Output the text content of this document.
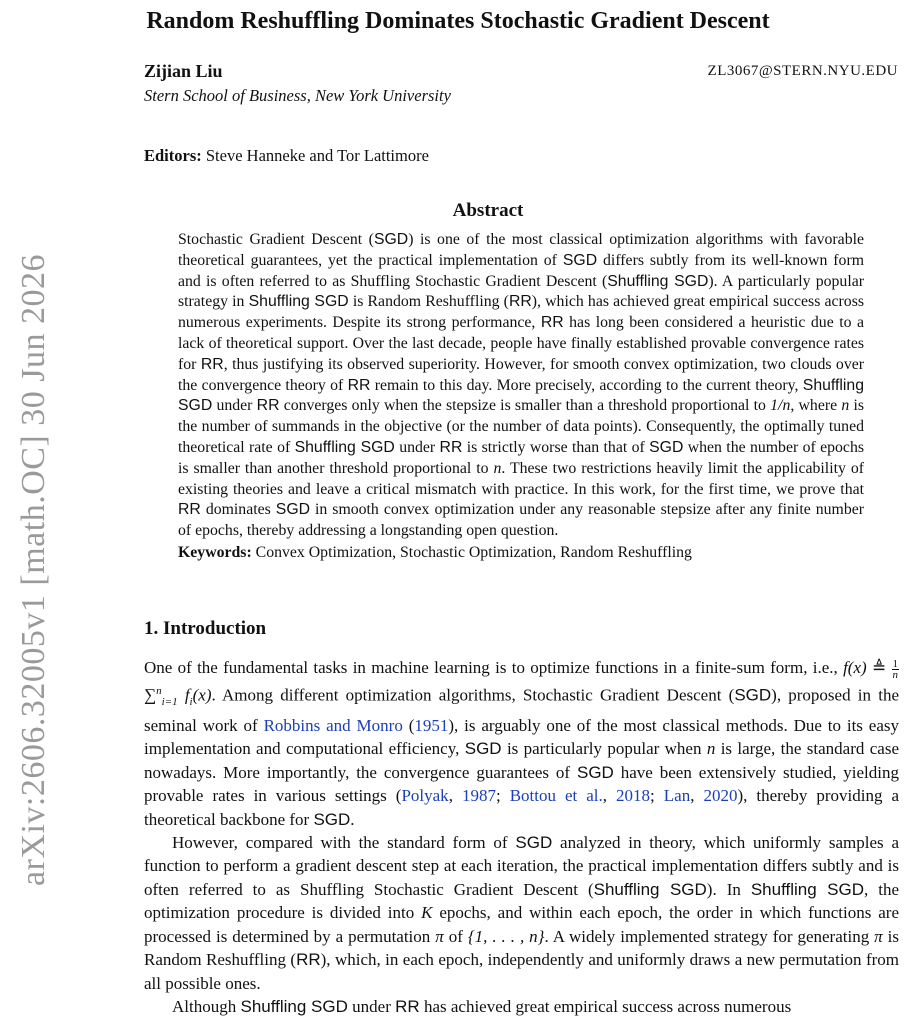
arXiv:2606.32005v1 [math.OC] 30 Jun 2026
Random Reshuffling Dominates Stochastic Gradient Descent
Zijian Liu	ZL3067@STERN.NYU.EDU
Stern School of Business, New York University
Editors: Steve Hanneke and Tor Lattimore
Abstract

Stochastic Gradient Descent (SGD) is one of the most classical optimization algorithms with favorable theoretical guarantees, yet the practical implementation of SGD differs subtly from its well-known form and is often referred to as Shuffling Stochastic Gradient Descent (Shuffling SGD). A particularly popular strategy in Shuffling SGD is Random Reshuffling (RR), which has achieved great empirical success across numerous experiments. Despite its strong performance, RR has long been considered a heuristic due to a lack of theoretical support. Over the last decade, people have finally established provable convergence rates for RR, thus justifying its observed superiority. However, for smooth convex optimization, two clouds over the convergence theory of RR remain to this day. More precisely, according to the current theory, Shuffling SGD under RR converges only when the stepsize is smaller than a threshold proportional to 1/n, where n is the number of summands in the objective (or the number of data points). Consequently, the optimally tuned theoretical rate of Shuffling SGD under RR is strictly worse than that of SGD when the number of epochs is smaller than another threshold proportional to n. These two restrictions heavily limit the applicability of existing theories and leave a critical mismatch with practice. In this work, for the first time, we prove that RR dominates SGD in smooth convex optimization under any reasonable stepsize after any finite number of epochs, thereby addressing a longstanding open question.

Keywords: Convex Optimization, Stochastic Optimization, Random Reshuffling

1. Introduction

One of the fundamental tasks in machine learning is to optimize functions in a finite-sum form, i.e., f(x) ≜ $\frac{1}{n}$
∑$^n_{i=1}$ $f_i(x)$. Among different optimization algorithms, Stochastic Gradient Descent (SGD), proposed in the seminal work of Robbins and Monro (1951), is arguably one of the most classical methods. Due to its easy implementation and computational efficiency, SGD is particularly popular when n is large, the standard case nowadays. More importantly, the convergence guarantees of SGD have been extensively studied, yielding provable rates in various settings (Polyak, 1987; Bottou et al., 2018; Lan, 2020), thereby providing a theoretical backbone for SGD.

However, compared with the standard form of SGD analyzed in theory, which uniformly samples a function to perform a gradient descent step at each iteration, the practical implementation differs subtly and is often referred to as Shuffling Stochastic Gradient Descent (Shuffling SGD). In Shuffling SGD, the optimization procedure is divided into K epochs, and within each epoch, the order in which functions are processed is determined by a permutation π of {1, . . . , n}. A widely implemented strategy for generating π is Random Reshuffling (RR), which, in each epoch, independently and uniformly draws a new permutation from all possible ones.

Although Shuffling SGD under RR has achieved great empirical success across numerous
